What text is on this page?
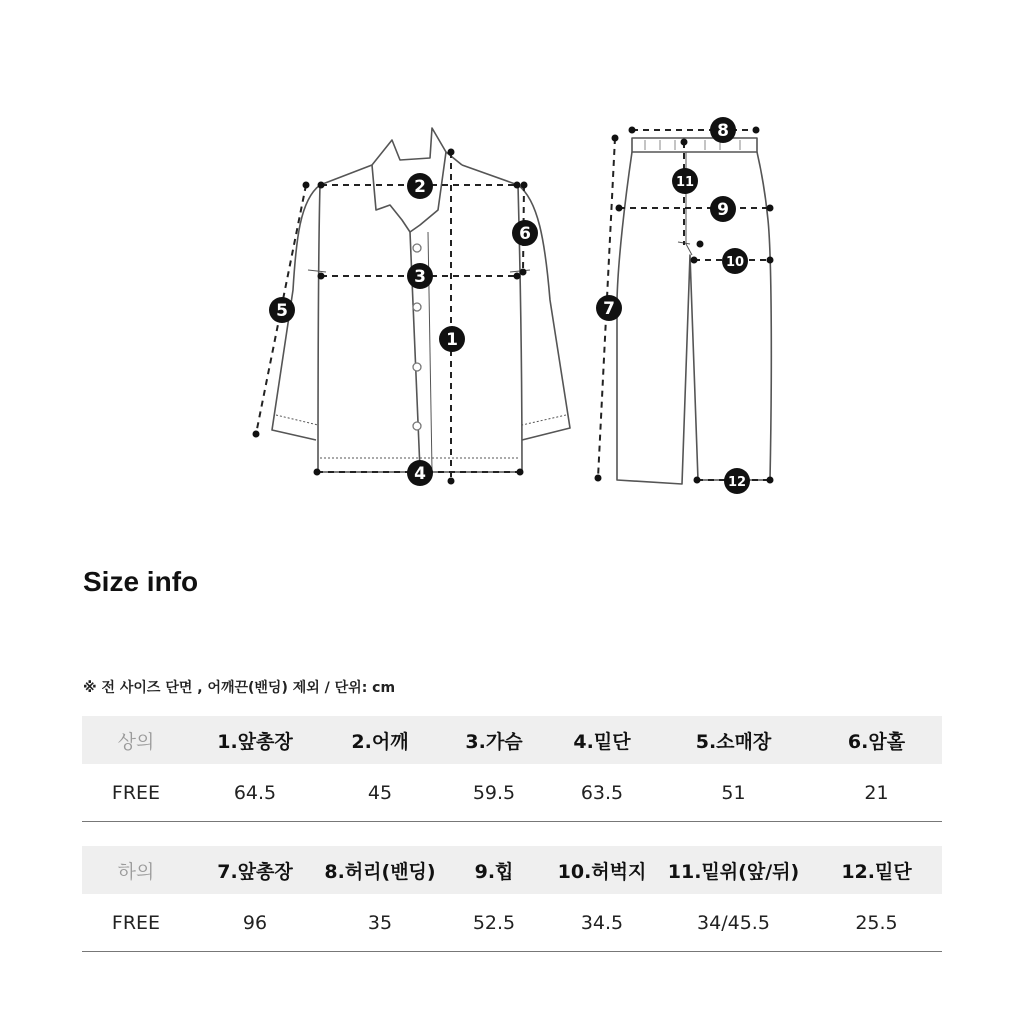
1
2
3
4
5
6
7
8
9
10
11
12
Size info
※ 전 사이즈 단면 , 어깨끈(밴딩) 제외 / 단위: cm
상의	1.앞총장	2.어깨	3.가슴	4.밑단	5.소매장	6.암홀
FREE	64.5	45	59.5	63.5	51	21
하의	7.앞총장	8.허리(밴딩)	9.힙	10.허벅지	11.밑위(앞/뒤)	12.밑단
FREE	96	35	52.5	34.5	34/45.5	25.5
